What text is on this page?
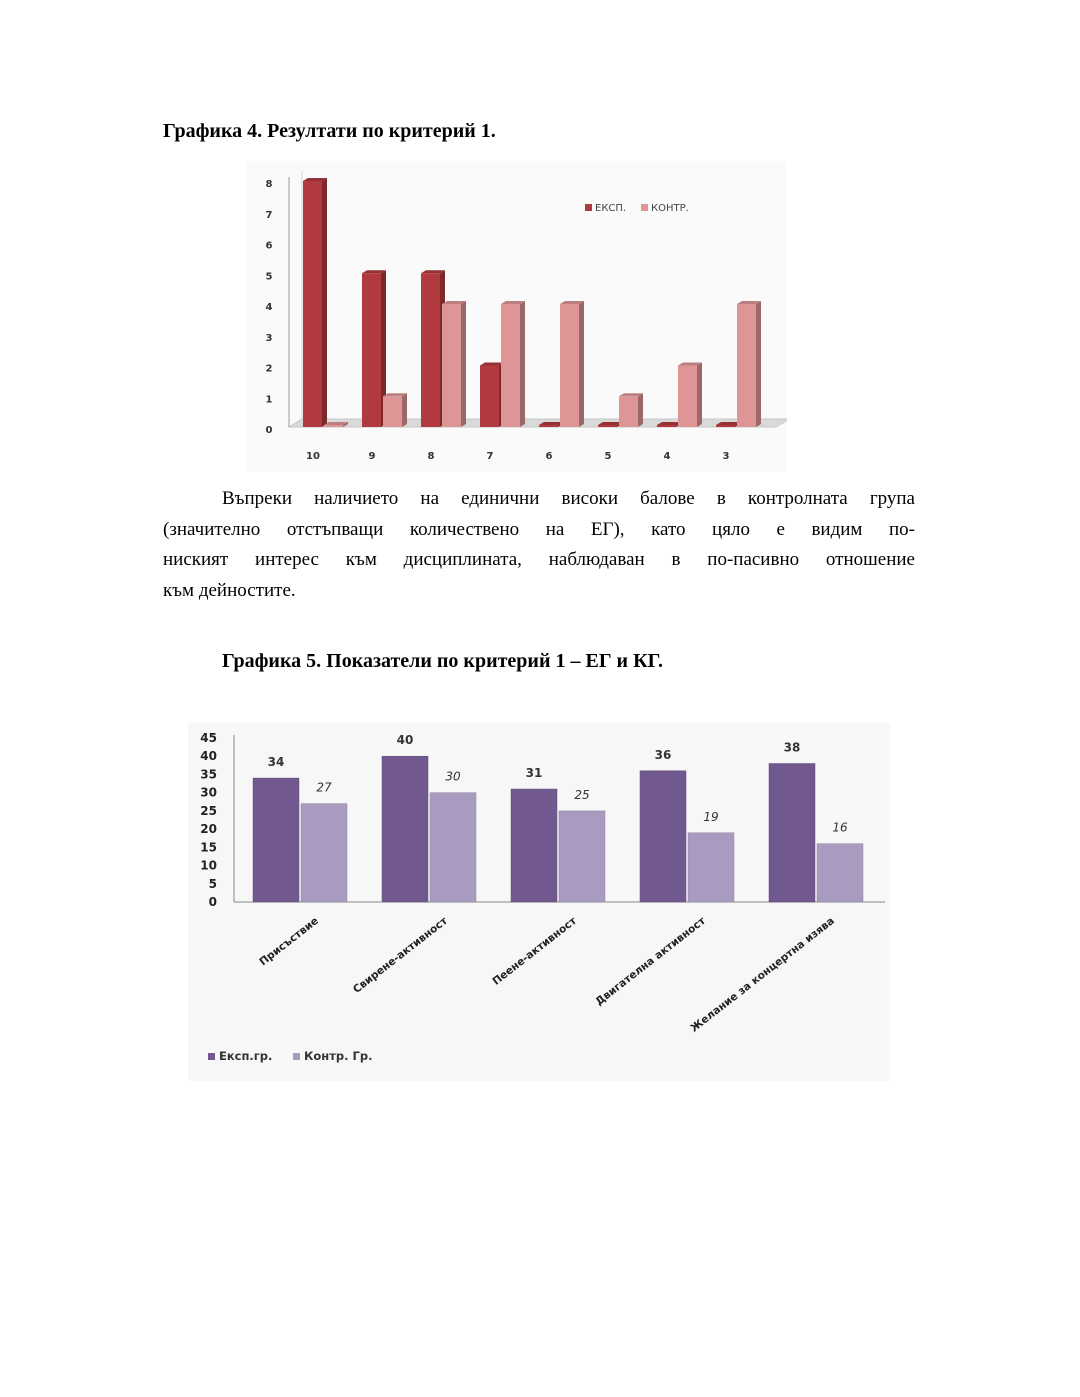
Графика 4. Резултати по критерий 1.
0
1
2
3
4
5
6
7
8
10	9	8	7	6	5	4	3
ЕКСП. КОНТР.
Въпреки наличието на единични високи балове в контролната група
(значително отстъпващи количествено на ЕГ), като цяло е видим по-
ниският интерес към дисциплината, наблюдаван в по-пасивно отношение
към дейностите.
Графика 5. Показатели по критерий 1 – ЕГ и КГ.
0
5
10
15
20
25
30
35
40
45
34
27
Присъствие
40
30
Свирене-активност
31
25
Пеене-активност
36
19
Двигателна активност
38
16
Желание за концертна изява
Експ.гр.	Контр. Гр.
